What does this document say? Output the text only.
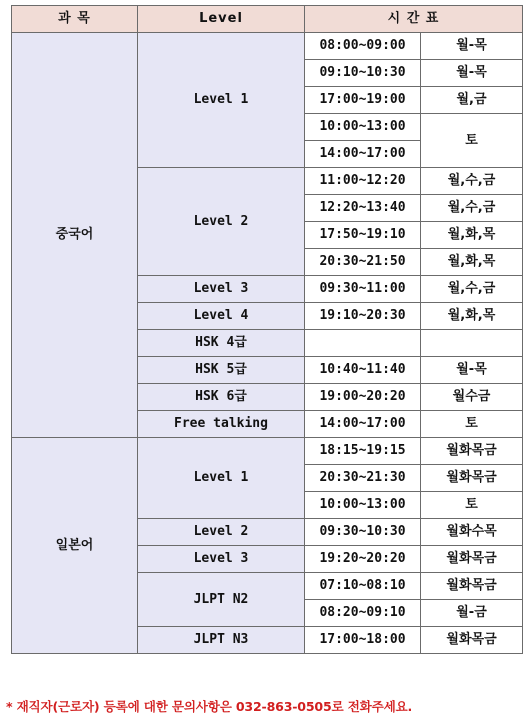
과 목	Level	시 간 표	
중국어	Level 1	08:00~09:00	월-목
		09:10~10:30	월-목
		17:00~19:00	월,금
		10:00~13:00	토
		14:00~17:00	
	Level 2	11:00~12:20	월,수,금
		12:20~13:40	월,수,금
		17:50~19:10	월,화,목
		20:30~21:50	월,화,목
	Level 3	09:30~11:00	월,수,금
	Level 4	19:10~20:30	월,화,목
	HSK 4급		
	HSK 5급	10:40~11:40	월-목
	HSK 6급	19:00~20:20	월수금
	Free talking	14:00~17:00	토
일본어	Level 1	18:15~19:15	월화목금
		20:30~21:30	월화목금
		10:00~13:00	토
	Level 2	09:30~10:30	월화수목
	Level 3	19:20~20:20	월화목금
	JLPT N2	07:10~08:10	월화목금
		08:20~09:10	월-금
	JLPT N3	17:00~18:00	월화목금
* 재직자(근로자) 등록에 대한 문의사항은 032-863-0505로 전화주세요.
